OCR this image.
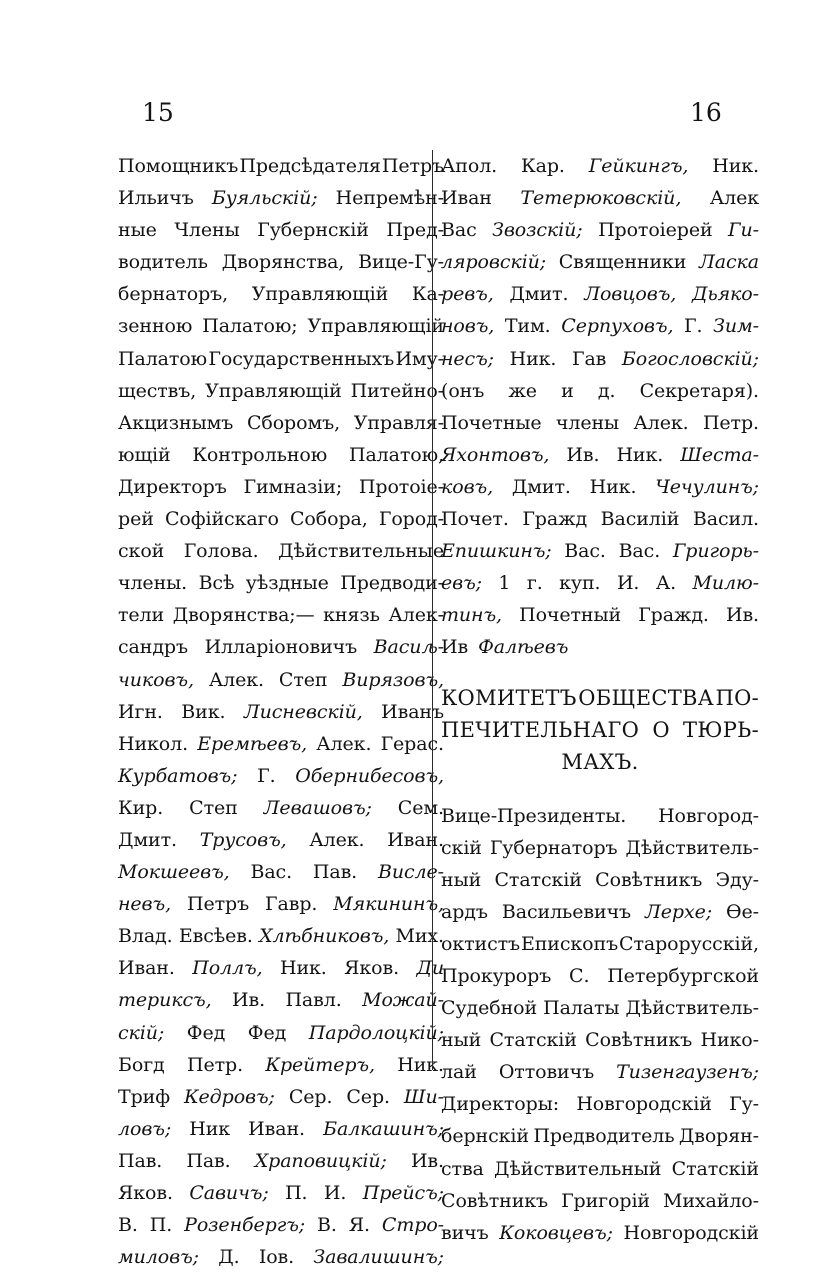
15	16
Помощникъ Предсѣдателя Петръ
Ильичъ Буяльскій; Непремѣн-
ные Члены Губернскій Пред-
водитель Дворянства, Вице-Гу-
бернаторъ, Управляющій Ка-
зенною Палатою; Управляющій
Палатою Государственныхъ Иму-
ществъ, Управляющій Питейно-
Акцизнымъ Сборомъ, Управля-
ющій Контрольною Палатою,
Директоръ Гимназіи; Протоіе-
рей Софійскаго Собора, Город-
ской Голова. Дѣйствительные
члены. Всѣ уѣздные Предводи-
тели Дворянства;— князь Алек-
сандръ Илларіоновичъ Васиљ-
чиковъ, Алек. Степ Вирязовъ,
Игн. Вик. Лисневскій, Иванъ
Никол. Еремѣевъ, Алек. Герас.
Курбатовъ; Г. Обернибесовъ,
Кир. Степ Левашовъ; Сем.
Дмит. Трусовъ, Алек. Иван.
Мокшеевъ, Вас. Пав. Висле-
невъ, Петръ Гавр. Мякининъ,
Влад. Евсѣев. Хлѣбниковъ, Мих.
Иван. Поллъ, Ник. Яков. Ди
териксъ, Ив. Павл. Можай-
скій; Фед Фед Пардолоцкій;
Богд Петр. Крейтеръ, Ник.
Триф Кедровъ; Сер. Сер. Ши-
ловъ; Ник Иван. Балкашинъ;
Пав. Пав. Храповицкій; Ив.
Яков. Савичъ; П. И. Прейсъ;
В. П. Розенбергъ; В. Я. Стро-
миловъ; Д. Іов. Завалишинъ;
Апол. Кар. Гейкингъ, Ник.
Иван Тетерюковскій, Алек
Вас Звозскій; Протоіерей Ги-
ляровскій; Священники Ласка
ревъ, Дмит. Ловцовъ, Дьяко-
новъ, Тим. Серпуховъ, Г. Зим-
несъ; Ник. Гав Богословскій;
(онъ же и д. Секретаря).
Почетные члены Алек. Петр.
Яхонтовъ, Ив. Ник. Шеста-
ковъ, Дмит. Ник. Чечулинъ;
Почет. Гражд Василій Васил.
Епишкинъ; Вас. Вас. Григорь-
евъ; 1 г. куп. И. А. Милю-
тинъ, Почетный Гражд. Ив.
Ив Фалѣевъ
КОМИТЕТЪ ОБЩЕСТВА ПО-
ПЕЧИТЕЛЬНАГО О ТЮРЬ-
МАХЪ.
Вице-Президенты. Новгород-
скій Губернаторъ Дѣйствитель-
ный Статскій Совѣтникъ Эду-
ардъ Васильевичъ Лерхе; Ѳе-
октистъ Епископъ Старорусскій,
Прокуроръ С. Петербургской
Судебной Палаты Дѣйствитель-
ный Статскій Совѣтникъ Нико-
лай Оттовичъ Тизенгаузенъ;
Директоры: Новгородскій Гу-
бернскій Предводитель Дворян-
ства Дѣйствительный Статскій
Совѣтникъ Григорій Михайло-
вичъ Коковцевъ; Новгородскій
